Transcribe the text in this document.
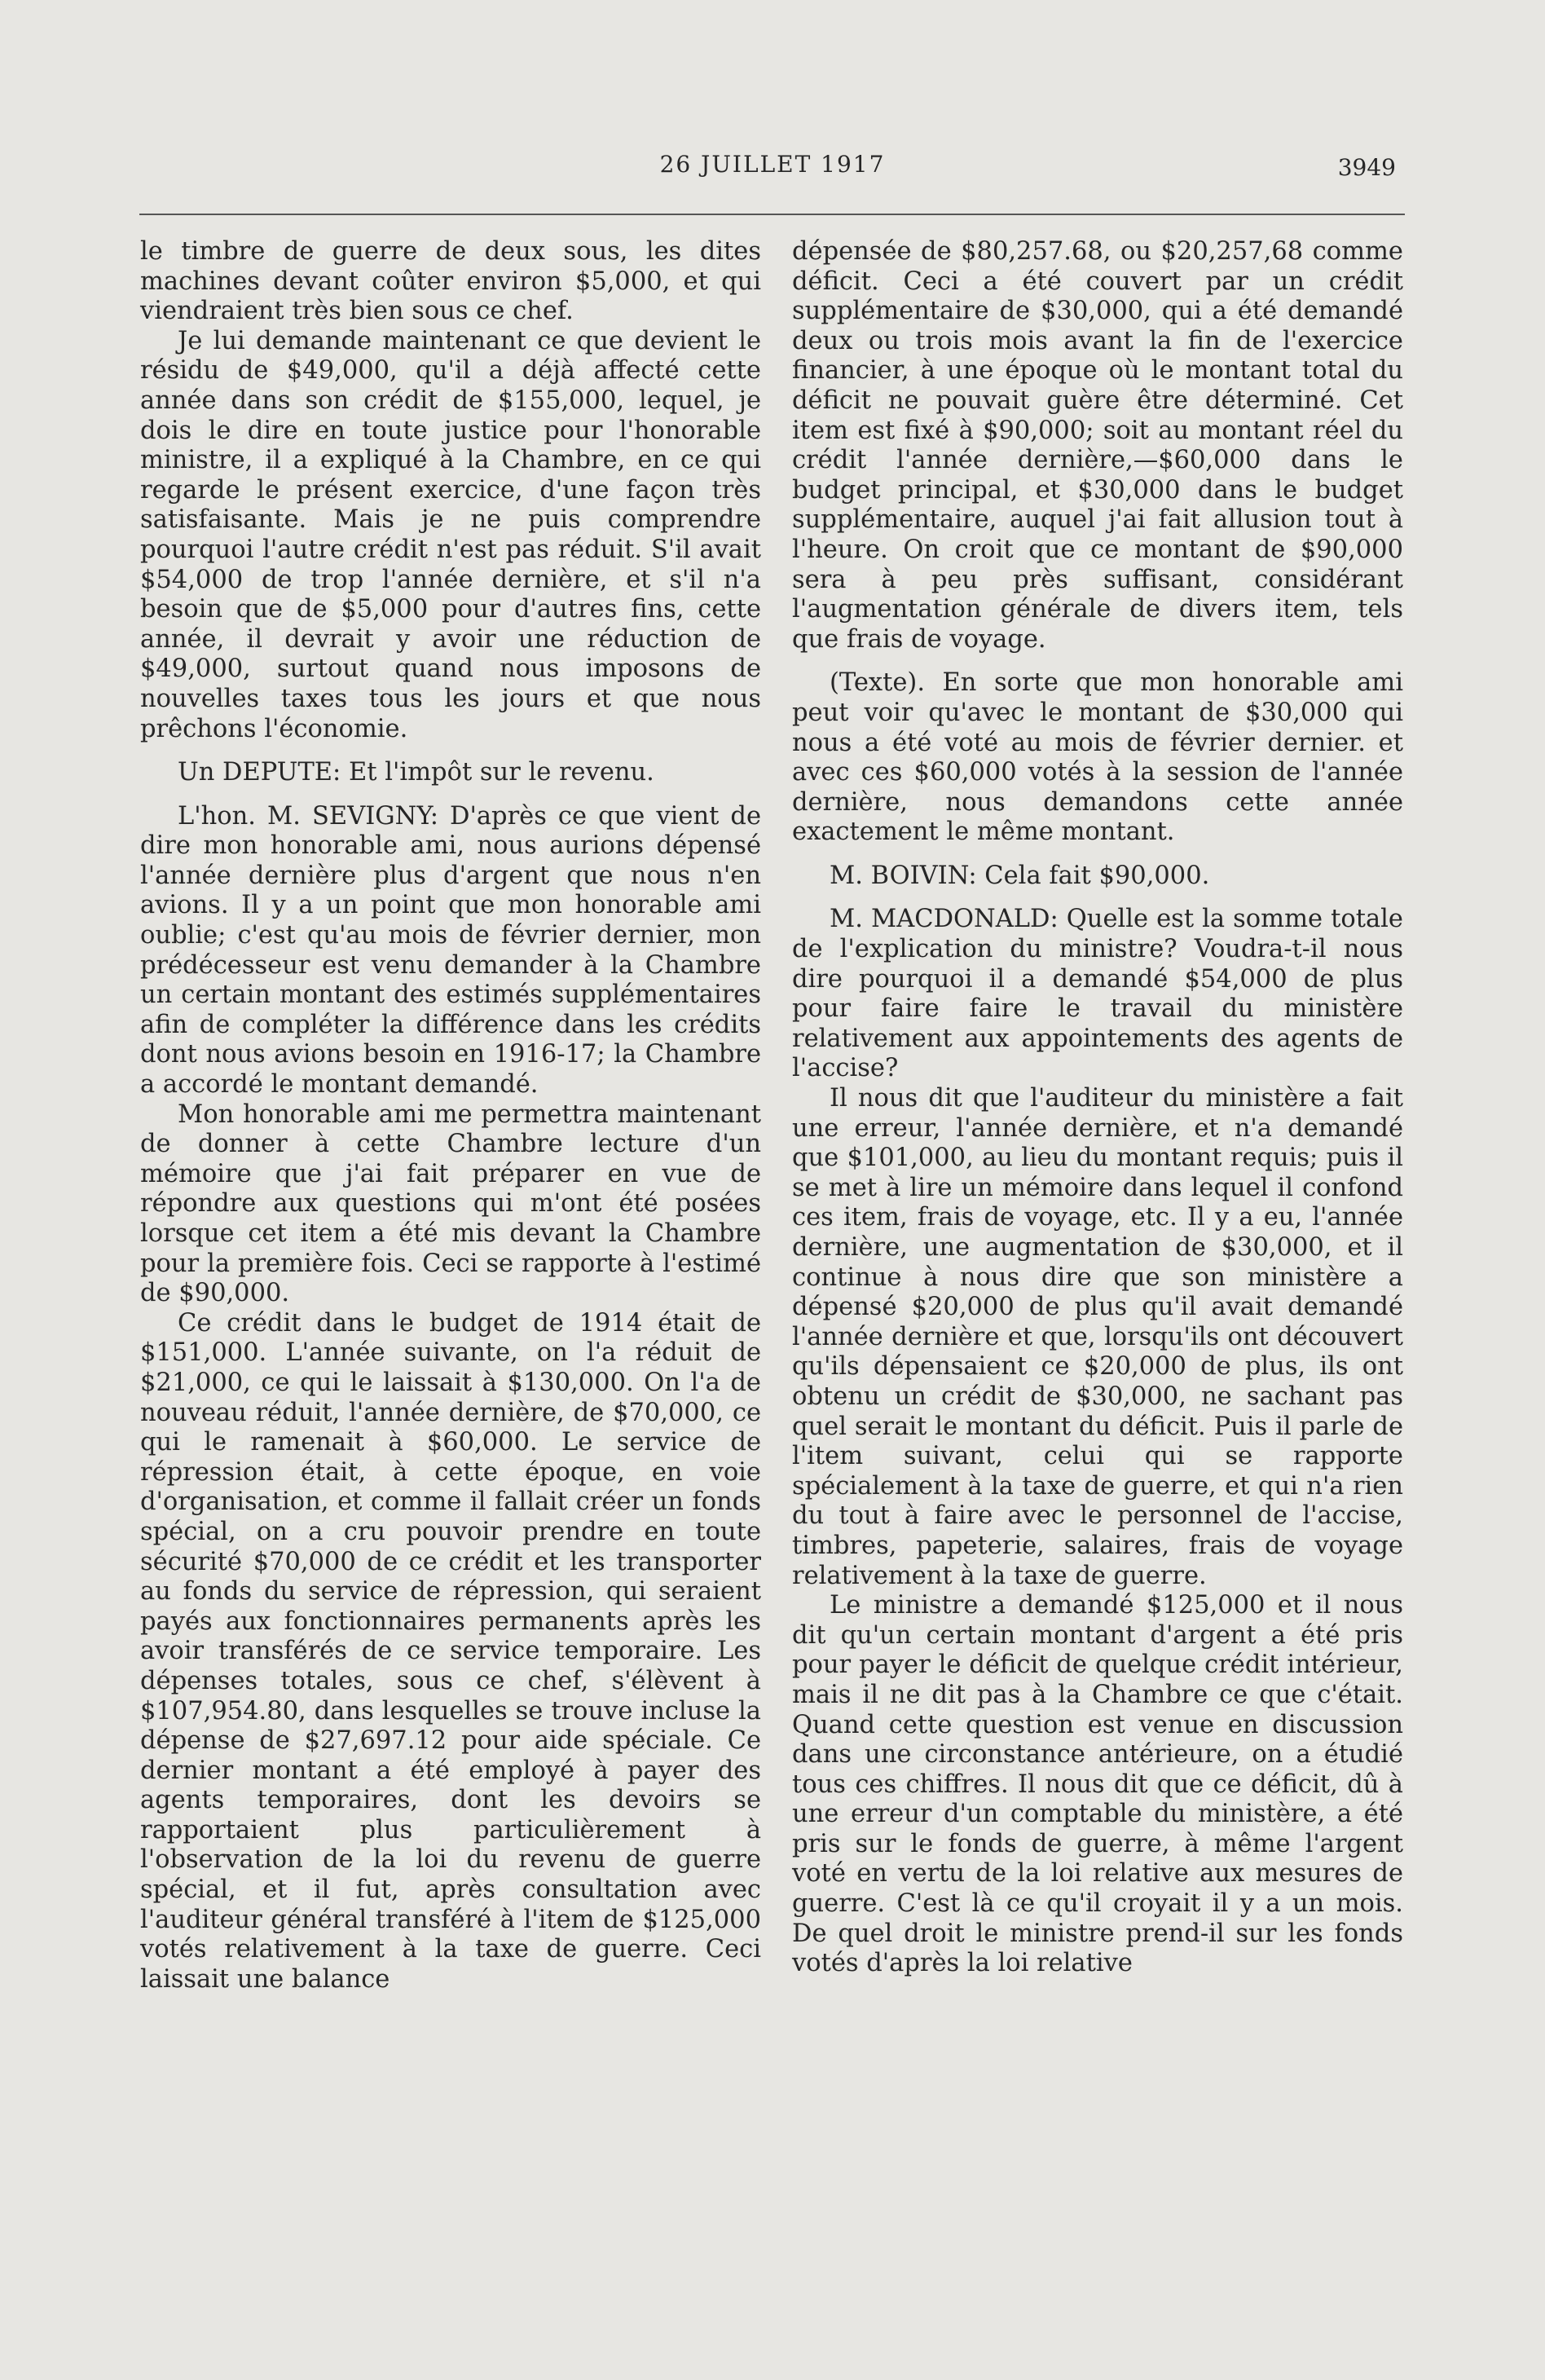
26 JUILLET 1917	3949

le timbre de guerre de deux sous, les dites machines devant coûter environ $5,000, et qui viendraient très bien sous ce chef.

Je lui demande maintenant ce que devient le résidu de $49,000, qu'il a déjà affecté cette année dans son crédit de $155,000, lequel, je dois le dire en toute justice pour l'honorable ministre, il a expliqué à la Chambre, en ce qui regarde le présent exercice, d'une façon très satisfaisante. Mais je ne puis comprendre pourquoi l'autre crédit n'est pas réduit. S'il avait $54,000 de trop l'année dernière, et s'il n'a besoin que de $5,000 pour d'autres fins, cette année, il devrait y avoir une réduction de $49,000, surtout quand nous imposons de nouvelles taxes tous les jours et que nous prêchons l'économie.

Un DEPUTE: Et l'impôt sur le revenu.

L'hon. M. SEVIGNY: D'après ce que vient de dire mon honorable ami, nous aurions dépensé l'année dernière plus d'argent que nous n'en avions. Il y a un point que mon honorable ami oublie; c'est qu'au mois de février dernier, mon prédécesseur est venu demander à la Chambre un certain montant des estimés supplémentaires afin de compléter la différence dans les crédits dont nous avions besoin en 1916-17; la Chambre a accordé le montant demandé.

Mon honorable ami me permettra maintenant de donner à cette Chambre lecture d'un mémoire que j'ai fait préparer en vue de répondre aux questions qui m'ont été posées lorsque cet item a été mis devant la Chambre pour la première fois. Ceci se rapporte à l'estimé de $90,000.

Ce crédit dans le budget de 1914 était de $151,000. L'année suivante, on l'a réduit de $21,000, ce qui le laissait à $130,000. On l'a de nouveau réduit, l'année dernière, de $70,000, ce qui le ramenait à $60,000. Le service de répression était, à cette époque, en voie d'organisation, et comme il fallait créer un fonds spécial, on a cru pouvoir prendre en toute sécurité $70,000 de ce crédit et les transporter au fonds du service de répression, qui seraient payés aux fonctionnaires permanents après les avoir transférés de ce service temporaire. Les dépenses totales, sous ce chef, s'élèvent à $107,954.80, dans lesquelles se trouve incluse la dépense de $27,697.12 pour aide spéciale. Ce dernier montant a été employé à payer des agents temporaires, dont les devoirs se rapportaient plus particulièrement à l'observation de la loi du revenu de guerre spécial, et il fut, après consultation avec l'auditeur général transféré à l'item de $125,000 votés relativement à la taxe de guerre. Ceci laissait une balance

dépensée de $80,257.68, ou $20,257,68 comme déficit. Ceci a été couvert par un crédit supplémentaire de $30,000, qui a été demandé deux ou trois mois avant la fin de l'exercice financier, à une époque où le montant total du déficit ne pouvait guère être déterminé. Cet item est fixé à $90,000; soit au montant réel du crédit l'année dernière,—$60,000 dans le budget principal, et $30,000 dans le budget supplémentaire, auquel j'ai fait allusion tout à l'heure. On croit que ce montant de $90,000 sera à peu près suffisant, considérant l'augmentation générale de divers item, tels que frais de voyage.

(Texte). En sorte que mon honorable ami peut voir qu'avec le montant de $30,000 qui nous a été voté au mois de février dernier. et avec ces $60,000 votés à la session de l'année dernière, nous demandons cette année exactement le même montant.

M. BOIVIN: Cela fait $90,000.

M. MACDONALD: Quelle est la somme totale de l'explication du ministre? Voudra-t-il nous dire pourquoi il a demandé $54,000 de plus pour faire faire le travail du ministère relativement aux appointements des agents de l'accise?

Il nous dit que l'auditeur du ministère a fait une erreur, l'année dernière, et n'a demandé que $101,000, au lieu du montant requis; puis il se met à lire un mémoire dans lequel il confond ces item, frais de voyage, etc. Il y a eu, l'année dernière, une augmentation de $30,000, et il continue à nous dire que son ministère a dépensé $20,000 de plus qu'il avait demandé l'année dernière et que, lorsqu'ils ont découvert qu'ils dépensaient ce $20,000 de plus, ils ont obtenu un crédit de $30,000, ne sachant pas quel serait le montant du déficit. Puis il parle de l'item suivant, celui qui se rapporte spécialement à la taxe de guerre, et qui n'a rien du tout à faire avec le personnel de l'accise, timbres, papeterie, salaires, frais de voyage relativement à la taxe de guerre.

Le ministre a demandé $125,000 et il nous dit qu'un certain montant d'argent a été pris pour payer le déficit de quelque crédit intérieur, mais il ne dit pas à la Chambre ce que c'était. Quand cette question est venue en discussion dans une circonstance antérieure, on a étudié tous ces chiffres. Il nous dit que ce déficit, dû à une erreur d'un comptable du ministère, a été pris sur le fonds de guerre, à même l'argent voté en vertu de la loi relative aux mesures de guerre. C'est là ce qu'il croyait il y a un mois. De quel droit le ministre prend-il sur les fonds votés d'après la loi relative
